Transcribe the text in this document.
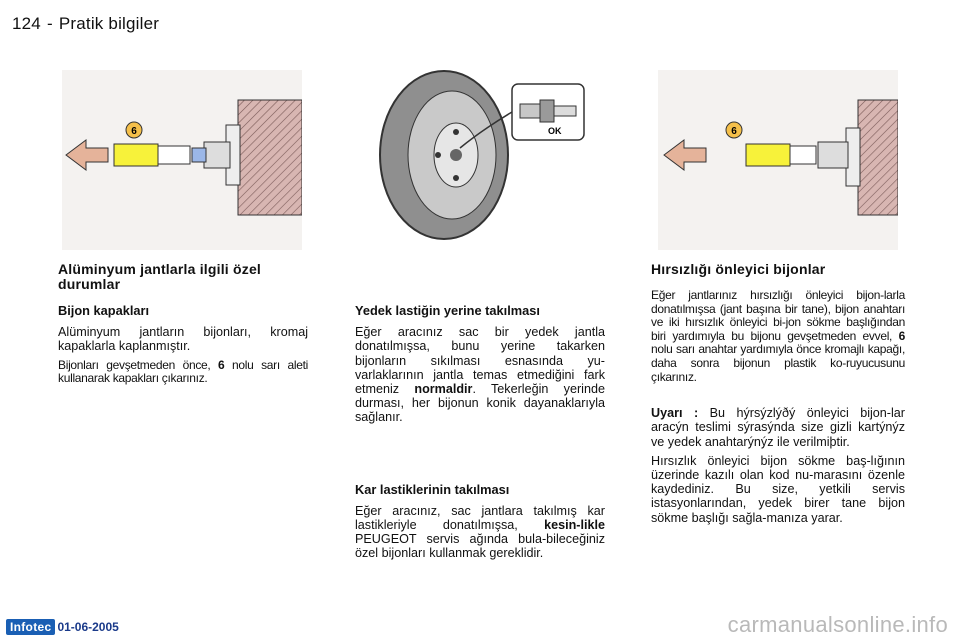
124 - Pratik bilgiler
6	OK	6
Alüminyum jantlarla ilgili özel durumlar
Bijon kapakları

Alüminyum jantların bijonları, kromaj kapaklarla kaplanmıştır.

Bijonları gevşetmeden önce, 6 nolu sarı aleti kullanarak kapakları çıkarınız.

Yedek lastiğin yerine takılması

Eğer aracınız sac bir yedek jantla donatılmışsa, bunu yerine takarken bijonların sıkılması esnasında yu-varlaklarının jantla temas etmediğini fark etmeniz normaldir. Tekerleğin yerinde durması, her bijonun konik dayanaklarıyla sağlanır.

Kar lastiklerinin takılması

Eğer aracınız, sac jantlara takılmış kar lastikleriyle donatılmışsa, kesin-likle PEUGEOT servis ağında bula-bileceğiniz özel bijonları kullanmak gereklidir.

Hırsızlığı önleyici bijonlar

Eğer jantlarınız hırsızlığı önleyici bijon-larla donatılmışsa (jant başına bir tane), bijon anahtarı ve iki hırsızlık önleyici bi-jon sökme başlığından biri yardımıyla bu bijonu gevşetmeden evvel, 6 nolu sarı anahtar yardımıyla önce kromajlı kapağı, daha sonra bijonun plastik ko-ruyucusunu çıkarınız.

Uyarı : Bu hýrsýzlýðý önleyici bijon-lar aracýn teslimi sýrasýnda size gizli kartýnýz ve yedek anahtarýnýz ile verilmiþtir.

Hırsızlık önleyici bijon sökme baş-lığının üzerinde kazılı olan kod nu-marasını özenle kaydediniz. Bu size, yetkili servis istasyonlarından, yedek birer tane bijon sökme başlığı sağla-manıza yarar.

Infotec 01-06-2005	carmanualsonline.info
